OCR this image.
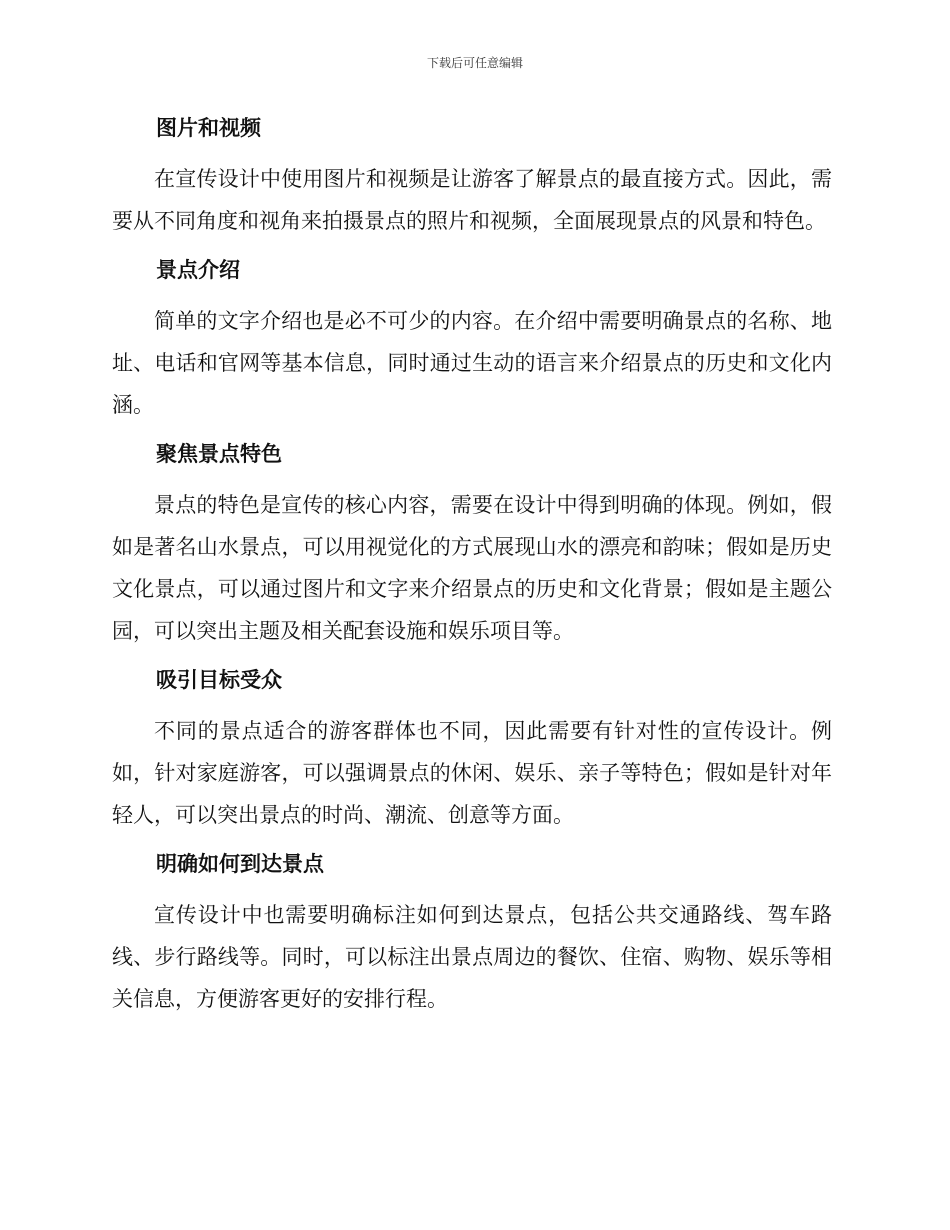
下载后可任意编辑
图片和视频

在宣传设计中使用图片和视频是让游客了解景点的最直接方式。因此，需要从不同角度和视角来拍摄景点的照片和视频，全面展现景点的风景和特色。

景点介绍

简单的文字介绍也是必不可少的内容。在介绍中需要明确景点的名称、地址、电话和官网等基本信息，同时通过生动的语言来介绍景点的历史和文化内涵。

聚焦景点特色

景点的特色是宣传的核心内容，需要在设计中得到明确的体现。例如，假如是著名山水景点，可以用视觉化的方式展现山水的漂亮和韵味；假如是历史文化景点，可以通过图片和文字来介绍景点的历史和文化背景；假如是主题公园，可以突出主题及相关配套设施和娱乐项目等。

吸引目标受众

不同的景点适合的游客群体也不同，因此需要有针对性的宣传设计。例如，针对家庭游客，可以强调景点的休闲、娱乐、亲子等特色；假如是针对年轻人，可以突出景点的时尚、潮流、创意等方面。

明确如何到达景点

宣传设计中也需要明确标注如何到达景点，包括公共交通路线、驾车路线、步行路线等。同时，可以标注出景点周边的餐饮、住宿、购物、娱乐等相关信息，方便游客更好的安排行程。
